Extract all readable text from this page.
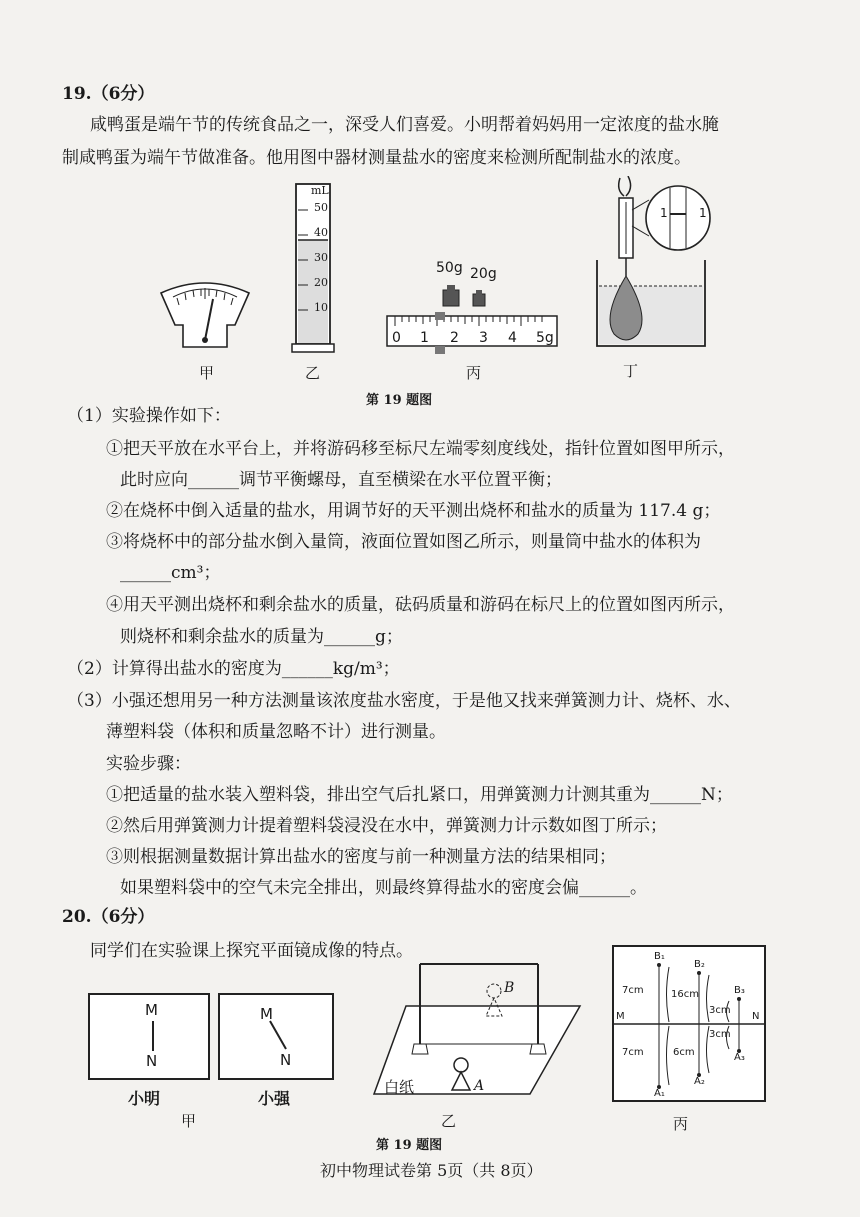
19.（6分）
咸鸭蛋是端午节的传统食品之一，深受人们喜爱。小明帮着妈妈用一定浓度的盐水腌
制咸鸭蛋为端午节做准备。他用图中器材测量盐水的密度来检测所配制盐水的浓度。
甲
mL
50
40
30
20
10
乙
50g 20g
0 1 2 3 4 5g
丙
1	1
丁
第 19 题图
（1）实验操作如下：
①把天平放在水平台上，并将游码移至标尺左端零刻度线处，指针位置如图甲所示，
此时应向______调节平衡螺母，直至横梁在水平位置平衡；
②在烧杯中倒入适量的盐水，用调节好的天平测出烧杯和盐水的质量为 117.4 g；
③将烧杯中的部分盐水倒入量筒，液面位置如图乙所示，则量筒中盐水的体积为
______cm³；
④用天平测出烧杯和剩余盐水的质量，砝码质量和游码在标尺上的位置如图丙所示，
则烧杯和剩余盐水的质量为______g；
（2）计算得出盐水的密度为______kg/m³；
（3）小强还想用另一种方法测量该浓度盐水密度，于是他又找来弹簧测力计、烧杯、水、
薄塑料袋（体积和质量忽略不计）进行测量。
实验步骤：
①把适量的盐水装入塑料袋，排出空气后扎紧口，用弹簧测力计测其重为______N；
②然后用弹簧测力计提着塑料袋浸没在水中，弹簧测力计示数如图丁所示；
③则根据测量数据计算出盐水的密度与前一种测量方法的结果相同；
如果塑料袋中的空气未完全排出，则最终算得盐水的密度会偏______。
20.（6分）
同学们在实验课上探究平面镜成像的特点。
M
N
M
N
小明	小强
甲
B
A
白纸
乙
B₁
B₂
B₃
A₁
A₂
A₃
7cm	16cm
3cm
3cm
7cm	6cm
M	N
丙
第 19 题图
初中物理试卷第 5页（共 8页）
